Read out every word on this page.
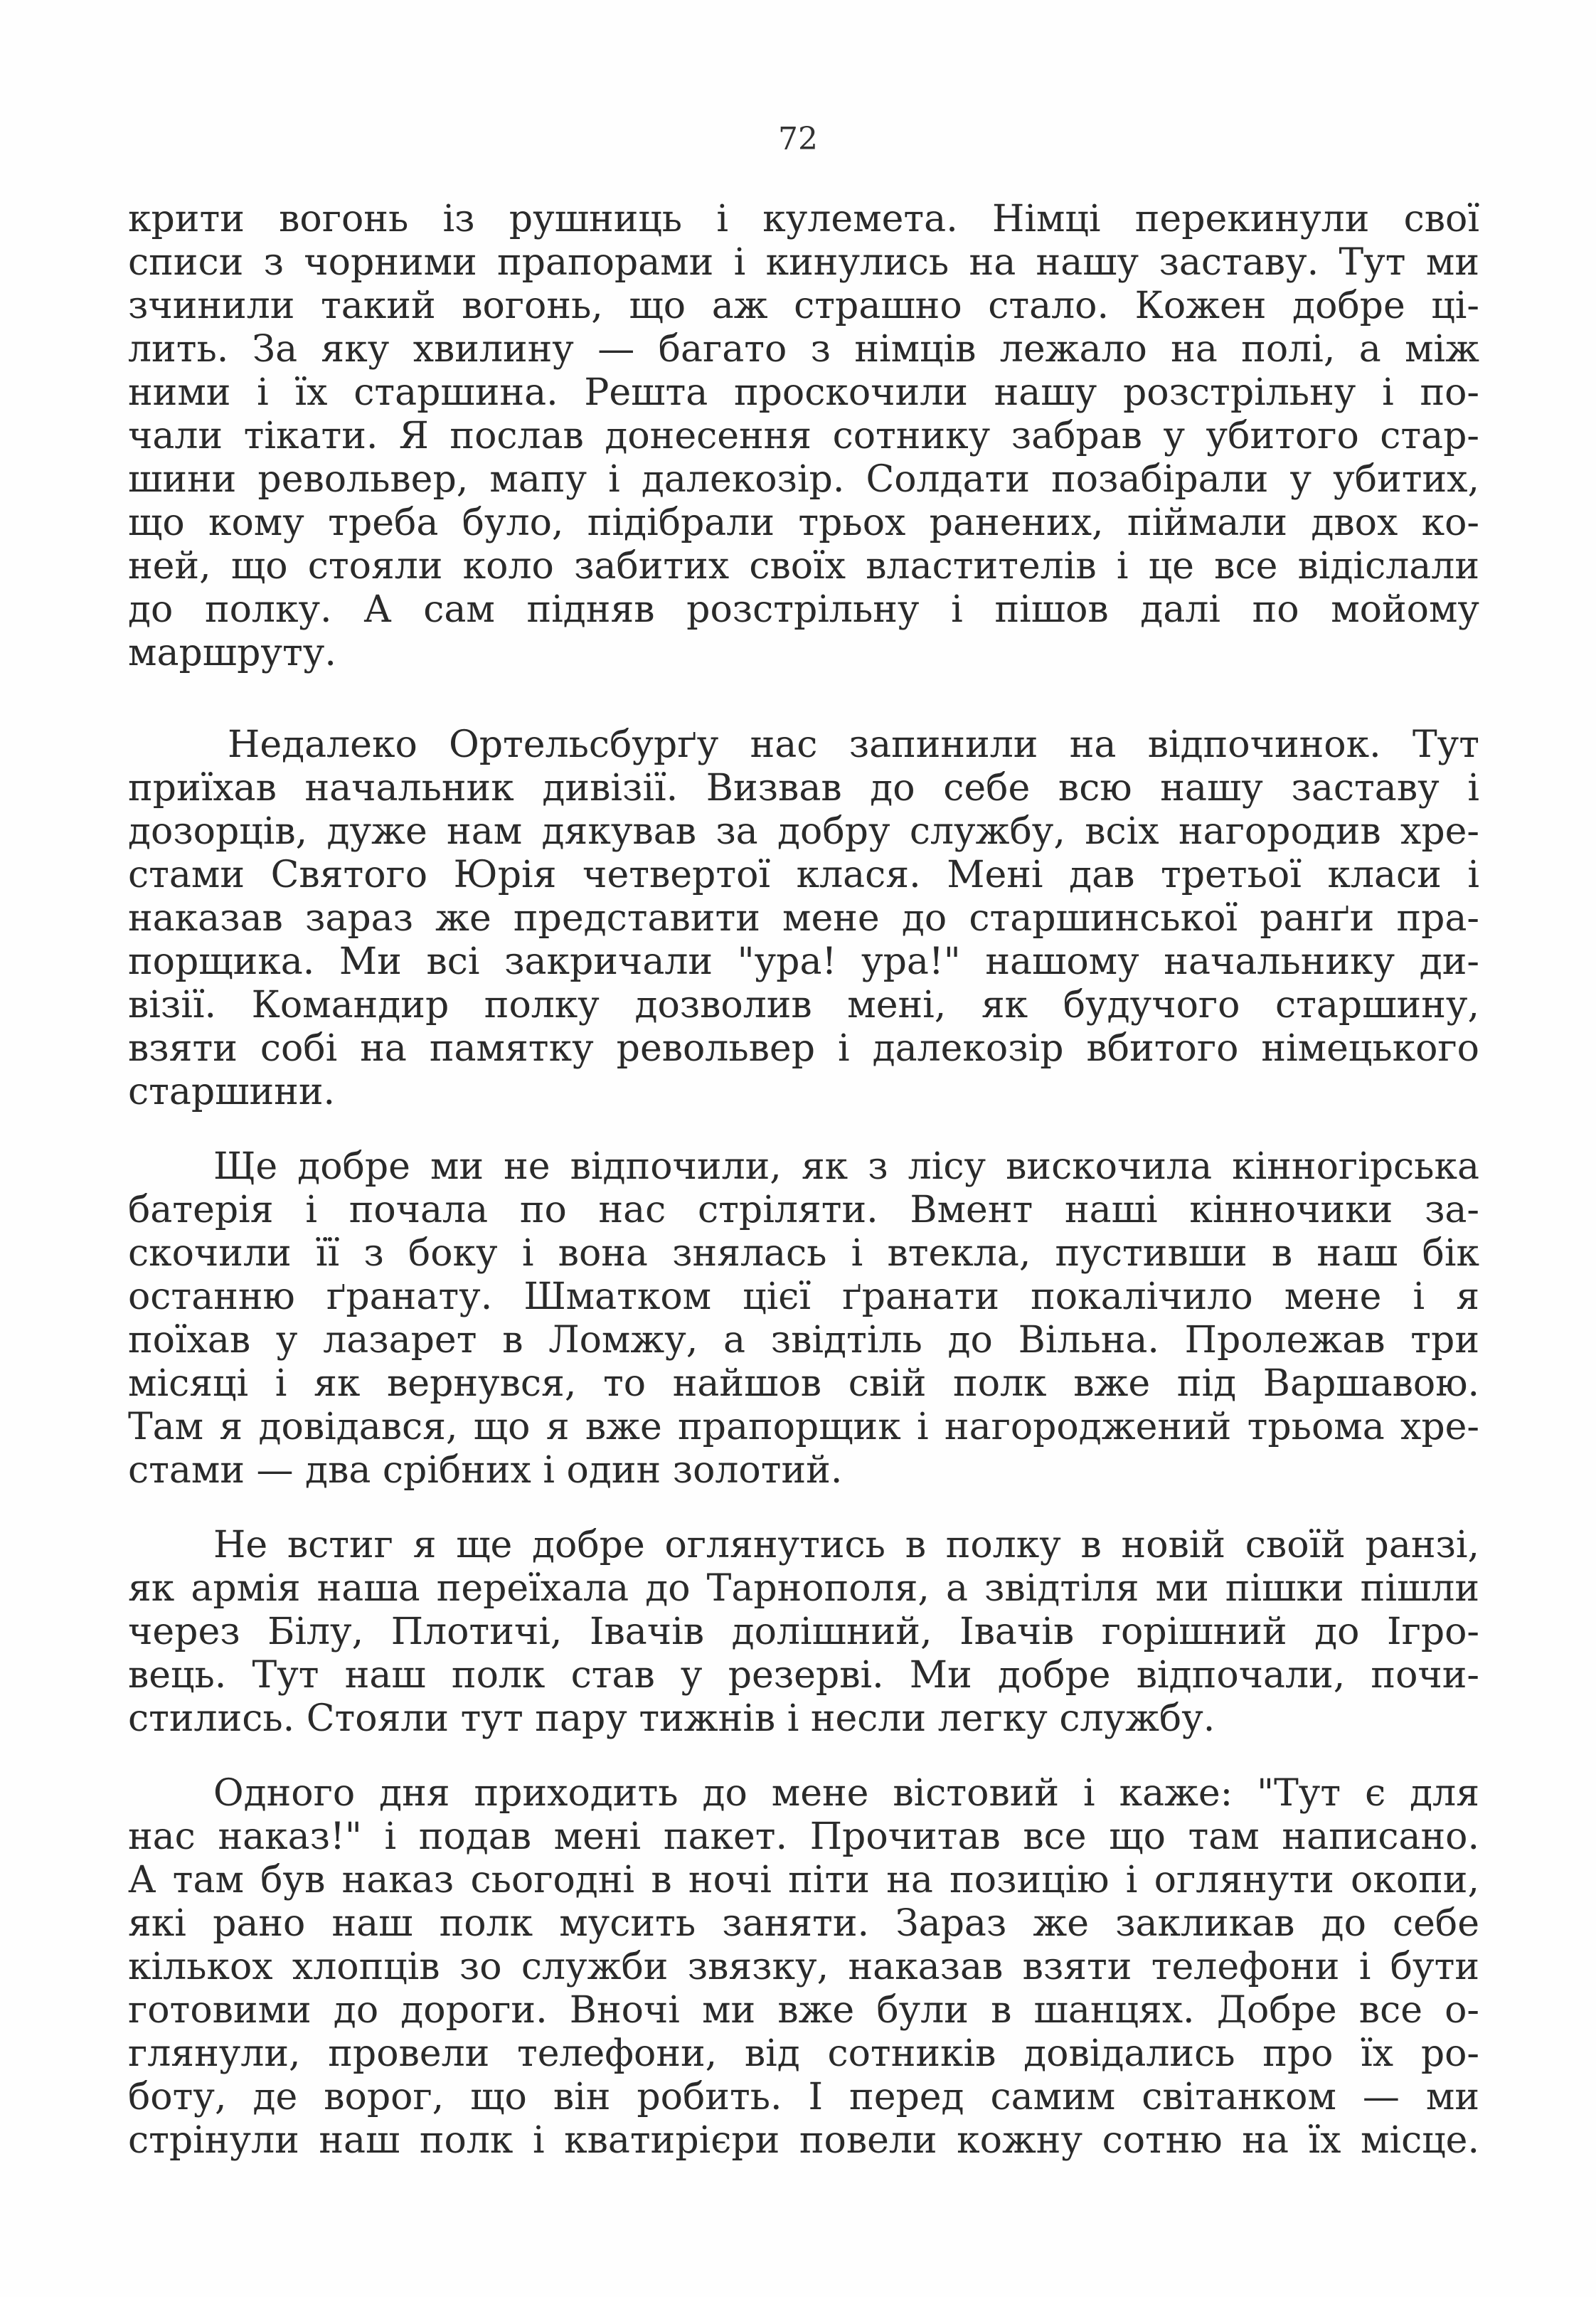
72
крити вогонь із рушниць і кулемета. Німці перекинули свої
списи з чорними прапорами і кинулись на нашу заставу. Тут ми
зчинили такий вогонь, що аж страшно стало. Кожен добре ці-
лить. За яку хвилину — багато з німців лежало на полі, а між
ними і їх старшина. Решта проскочили нашу розстрільну і по-
чали тікати. Я послав донесення сотнику забрав у убитого стар-
шини револьвер, мапу і далекозір. Солдати позабірали у убитих,
що кому треба було, підібрали трьох ранених, піймали двох ко-
ней, що стояли коло забитих своїх властителів і це все відіслали
до полку. А сам підняв розстрільну і пішов далі по мойому
маршруту.
Недалеко Ортельсбурґу нас запинили на відпочинок. Тут
приїхав начальник дивізії. Визвав до себе всю нашу заставу і
дозорців, дуже нам дякував за добру службу, всіх нагородив хре-
стами Святого Юрія четвертої клася. Мені дав третьої класи і
наказав зараз же представити мене до старшинської ранґи пра-
порщика. Ми всі закричали "ура! ура!" нашому начальнику ди-
візії. Командир полку дозволив мені, як будучого старшину,
взяти собі на памятку револьвер і далекозір вбитого німецького
старшини.
Ще добре ми не відпочили, як з лісу вискочила кінногірська
батерія і почала по нас стріляти. Вмент наші кінночики за-
скочили її з боку і вона знялась і втекла, пустивши в наш бік
останню ґранату. Шматком цієї ґранати покалічило мене і я
поїхав у лазарет в Ломжу, а звідтіль до Вільна. Пролежав три
місяці і як вернувся, то найшов свій полк вже під Варшавою.
Там я довідався, що я вже прапорщик і нагороджений трьома хре-
стами — два срібних і один золотий.
Не встиг я ще добре оглянутись в полку в новій своїй ранзі,
як армія наша переїхала до Тарнополя, а звідтіля ми пішки пішли
через Білу, Плотичі, Івачів долішний, Івачів горішний до Ігро-
вець. Тут наш полк став у резерві. Ми добре відпочали, почи-
стились. Стояли тут пару тижнів і несли легку службу.
Одного дня приходить до мене вістовий і каже: "Тут є для
нас наказ!" і подав мені пакет. Прочитав все що там написано.
А там був наказ сьогодні в ночі піти на позицію і оглянути окопи,
які рано наш полк мусить заняти. Зараз же закликав до себе
кількох хлопців зо служби звязку, наказав взяти телефони і бути
готовими до дороги. Вночі ми вже були в шанцях. Добре все о-
глянули, провели телефони, від сотників довідались про їх ро-
боту, де ворог, що він робить. І перед самим світанком — ми
стрінули наш полк і кватирієри повели кожну сотню на їх місце.
